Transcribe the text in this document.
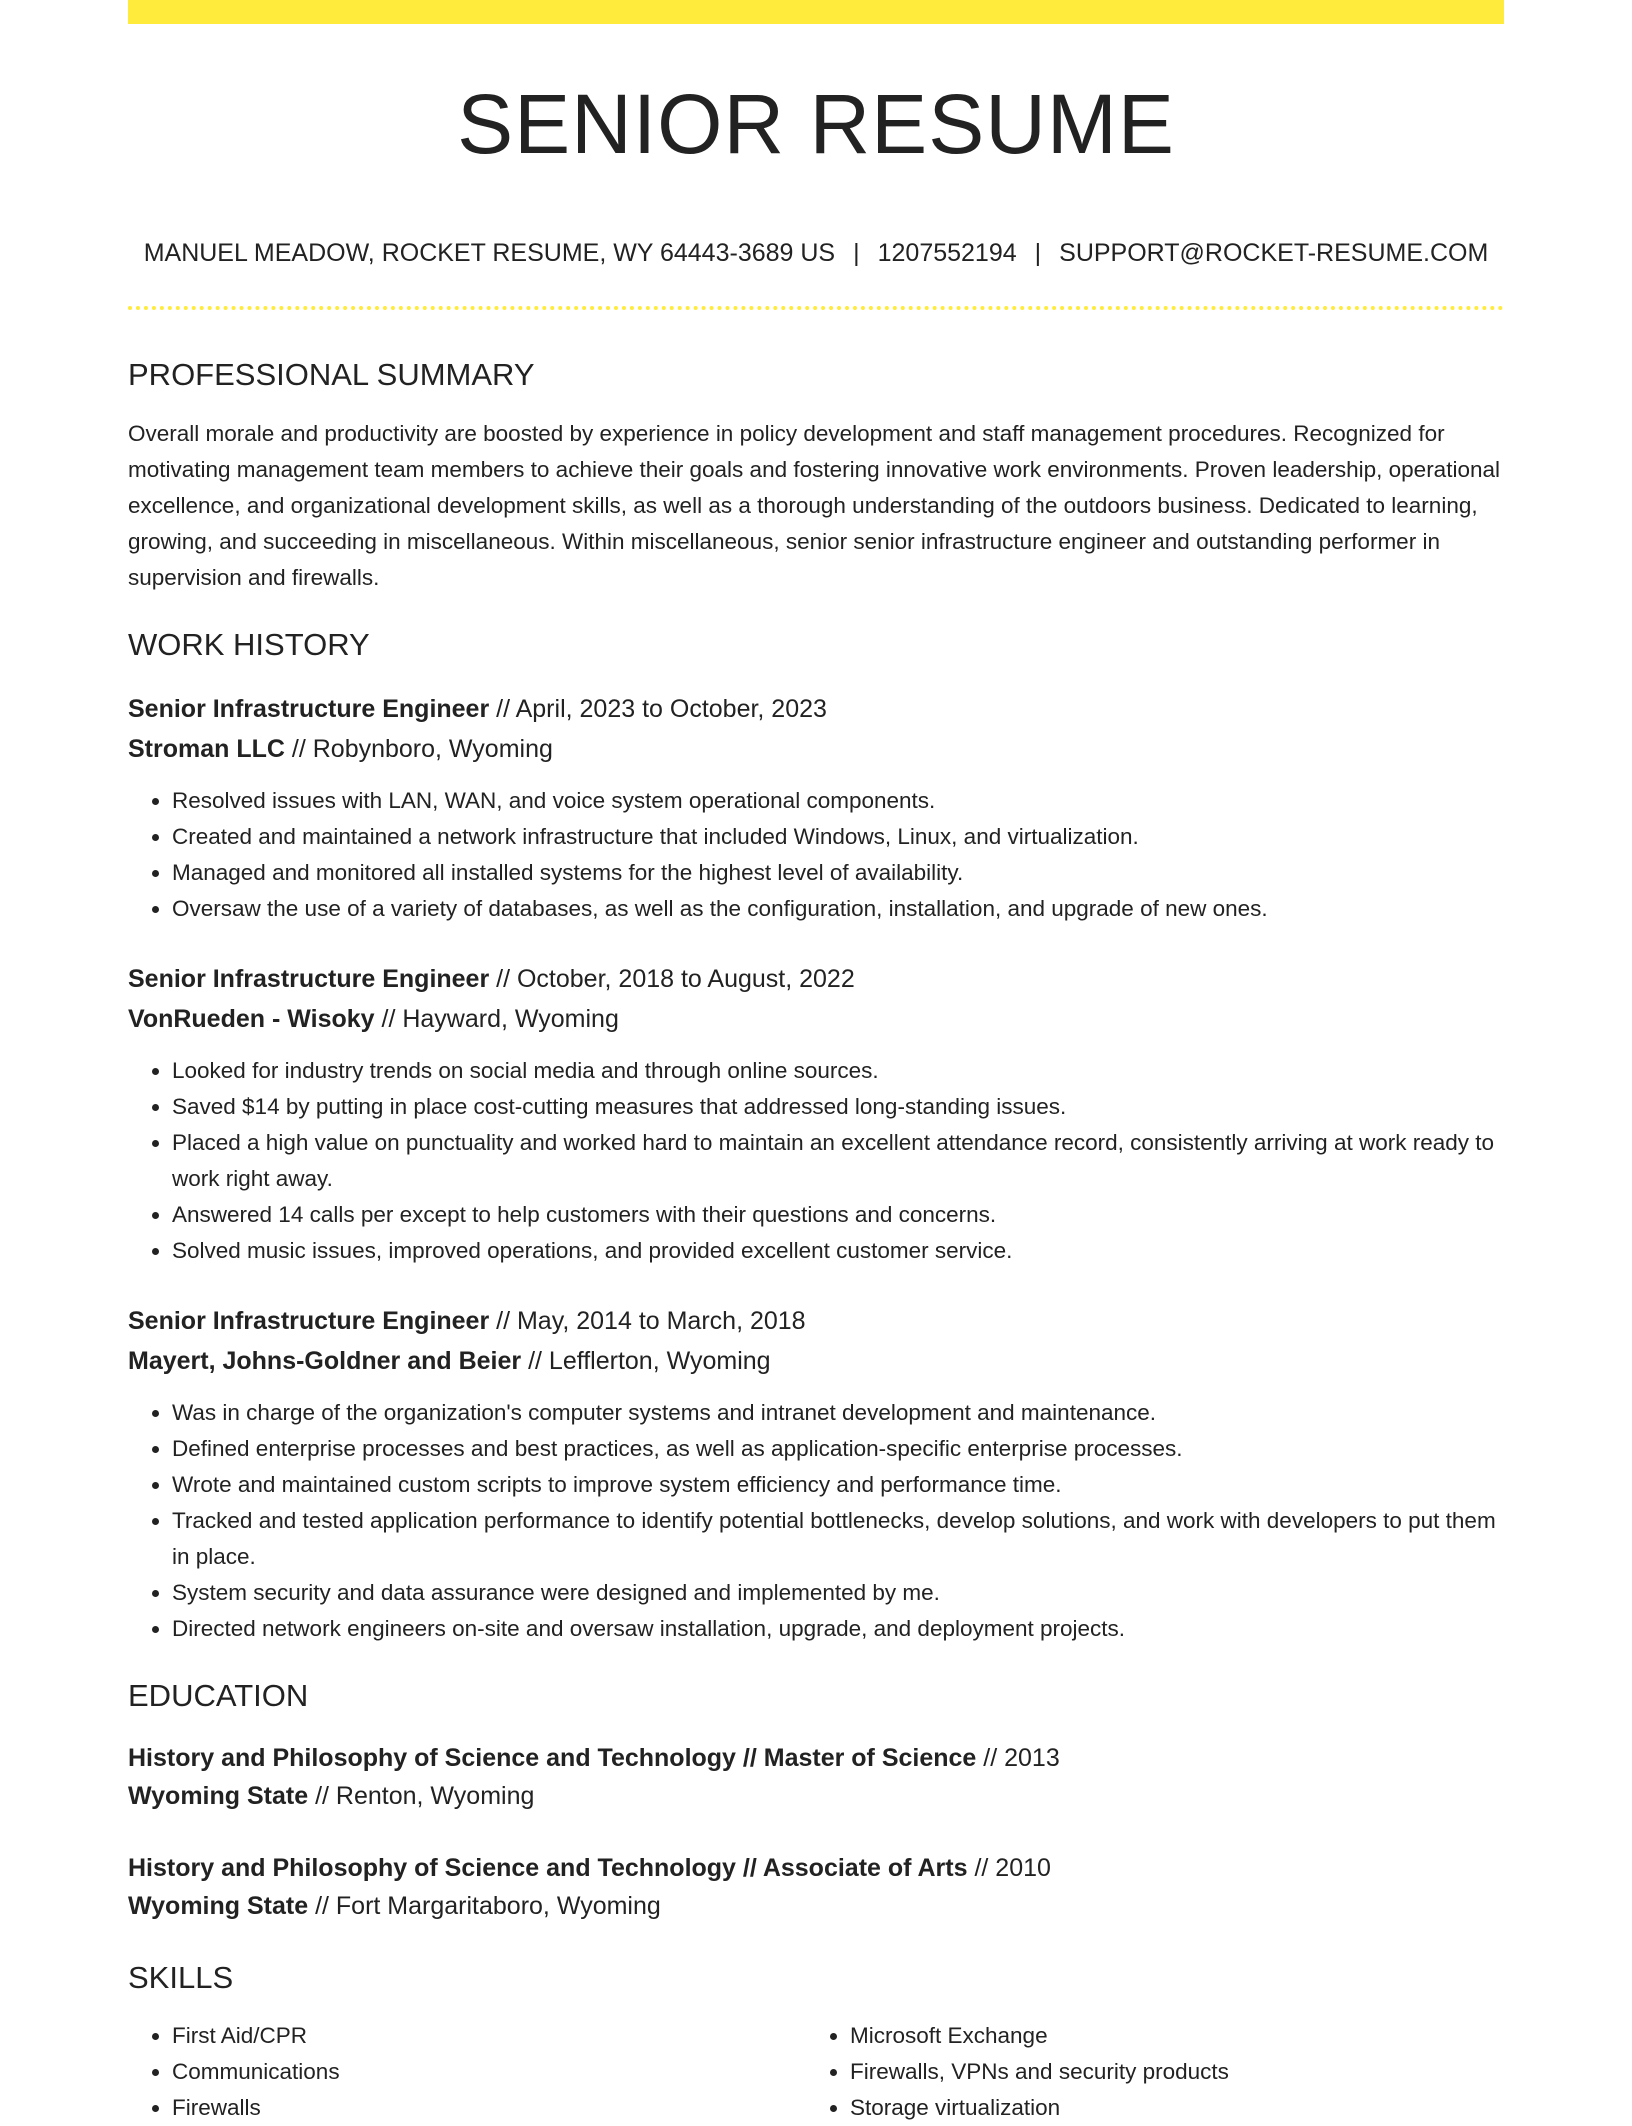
SENIOR RESUME
MANUEL MEADOW, ROCKET RESUME, WY 64443-3689 US | 1207552194 | SUPPORT@ROCKET-RESUME.COM
PROFESSIONAL SUMMARY
Overall morale and productivity are boosted by experience in policy development and staff management procedures. Recognized for motivating management team members to achieve their goals and fostering innovative work environments. Proven leadership, operational excellence, and organizational development skills, as well as a thorough understanding of the outdoors business. Dedicated to learning, growing, and succeeding in miscellaneous. Within miscellaneous, senior senior infrastructure engineer and outstanding performer in supervision and firewalls.
WORK HISTORY
Senior Infrastructure Engineer // April, 2023 to October, 2023
Stroman LLC // Robynboro, Wyoming
• Resolved issues with LAN, WAN, and voice system operational components.
• Created and maintained a network infrastructure that included Windows, Linux, and virtualization.
• Managed and monitored all installed systems for the highest level of availability.
• Oversaw the use of a variety of databases, as well as the configuration, installation, and upgrade of new ones.
Senior Infrastructure Engineer // October, 2018 to August, 2022
VonRueden - Wisoky // Hayward, Wyoming
• Looked for industry trends on social media and through online sources.
• Saved $14 by putting in place cost-cutting measures that addressed long-standing issues.
• Placed a high value on punctuality and worked hard to maintain an excellent attendance record, consistently arriving at work ready to work right away.
• Answered 14 calls per except to help customers with their questions and concerns.
• Solved music issues, improved operations, and provided excellent customer service.
Senior Infrastructure Engineer // May, 2014 to March, 2018
Mayert, Johns-Goldner and Beier // Lefflerton, Wyoming
• Was in charge of the organization's computer systems and intranet development and maintenance.
• Defined enterprise processes and best practices, as well as application-specific enterprise processes.
• Wrote and maintained custom scripts to improve system efficiency and performance time.
• Tracked and tested application performance to identify potential bottlenecks, develop solutions, and work with developers to put them in place.
• System security and data assurance were designed and implemented by me.
• Directed network engineers on-site and oversaw installation, upgrade, and deployment projects.
EDUCATION
History and Philosophy of Science and Technology // Master of Science // 2013
Wyoming State // Renton, Wyoming
History and Philosophy of Science and Technology // Associate of Arts // 2010
Wyoming State // Fort Margaritaboro, Wyoming
SKILLS
• First Aid/CPR
• Communications
• Firewalls
• Microsoft Exchange
• Firewalls, VPNs and security products
• Storage virtualization
